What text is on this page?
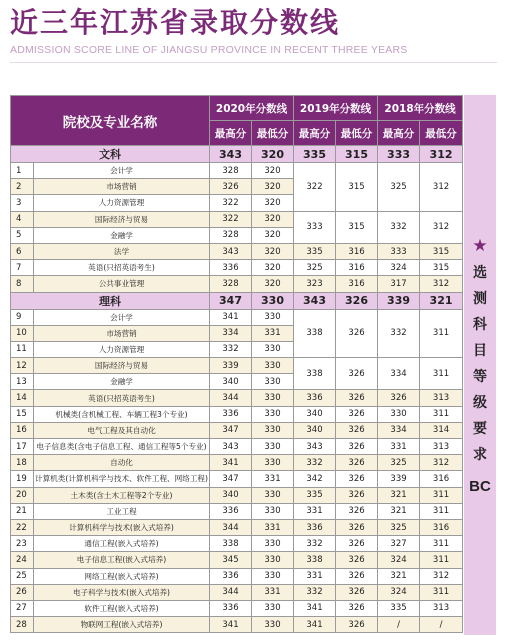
近三年江苏省录取分数线
ADMISSION SCORE LINE OF JIANGSU PROVINCE IN RECENT THREE YEARS
院校及专业名称		2020年分数线		2019年分数线		2018年分数线	
		最高分	最低分	最高分	最低分	最高分	最低分
文科		343	320	335	315	333	312
1	会计学	328	320	322	315	325	312
2	市场营销	326	320				
3	人力资源管理	322	320				
4	国际经济与贸易	322	320	333	315	332	312
5	金融学	328	320				
6	法学	343	320	335	316	333	315
7	英语(只招英语考生)	336	320	325	316	324	315
8	公共事业管理	328	320	323	316	317	312
理科		347	330	343	326	339	321
9	会计学	341	330	338	326	332	311
10	市场营销	334	331				
11	人力资源管理	332	330				
12	国际经济与贸易	339	330	338	326	334	311
13	金融学	340	330				
14	英语(只招英语考生)	344	330	336	326	326	313
15	机械类(含机械工程、车辆工程3个专业)	336	330	340	326	330	311
16	电气工程及其自动化	347	330	340	326	334	314
17	电子信息类(含电子信息工程、通信工程等5个专业)	343	330	343	326	331	313
18	自动化	341	330	332	326	325	312
19	计算机类(计算机科学与技术、软件工程、网络工程)	347	331	342	326	339	316
20	土木类(含土木工程等2个专业)	340	330	335	326	321	311
21	工业工程	336	330	331	326	321	311
22	计算机科学与技术(嵌入式培养)	344	331	336	326	325	316
23	通信工程(嵌入式培养)	338	330	332	326	327	311
24	电子信息工程(嵌入式培养)	345	330	338	326	324	311
25	网络工程(嵌入式培养)	336	330	331	326	321	312
26	电子科学与技术(嵌入式培养)	344	331	332	326	324	311
27	软件工程(嵌入式培养)	336	330	341	326	335	313
28	物联网工程(嵌入式培养)	341	330	341	326	/	/
★
选测科目等级要求
BC
